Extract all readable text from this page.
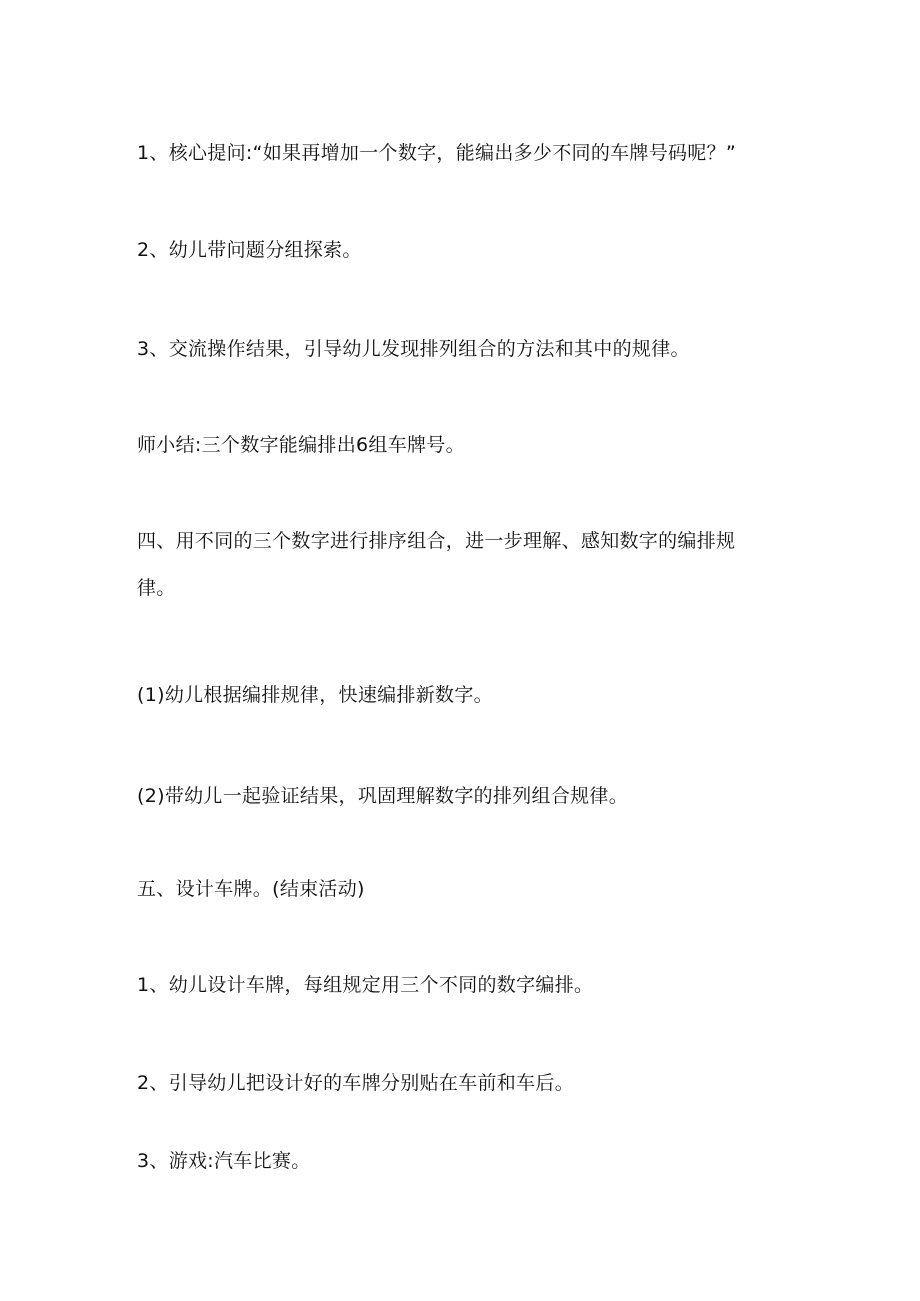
1、核心提问:“如果再增加一个数字，能编出多少不同的车牌号码呢？”
2、幼儿带问题分组探索。
3、交流操作结果，引导幼儿发现排列组合的方法和其中的规律。
师小结:三个数字能编排出6组车牌号。
四、用不同的三个数字进行排序组合，进一步理解、感知数字的编排规
律。
(1)幼儿根据编排规律，快速编排新数字。
(2)带幼儿一起验证结果，巩固理解数字的排列组合规律。
五、设计车牌。(结束活动)
1、幼儿设计车牌，每组规定用三个不同的数字编排。
2、引导幼儿把设计好的车牌分别贴在车前和车后。
3、游戏:汽车比赛。
